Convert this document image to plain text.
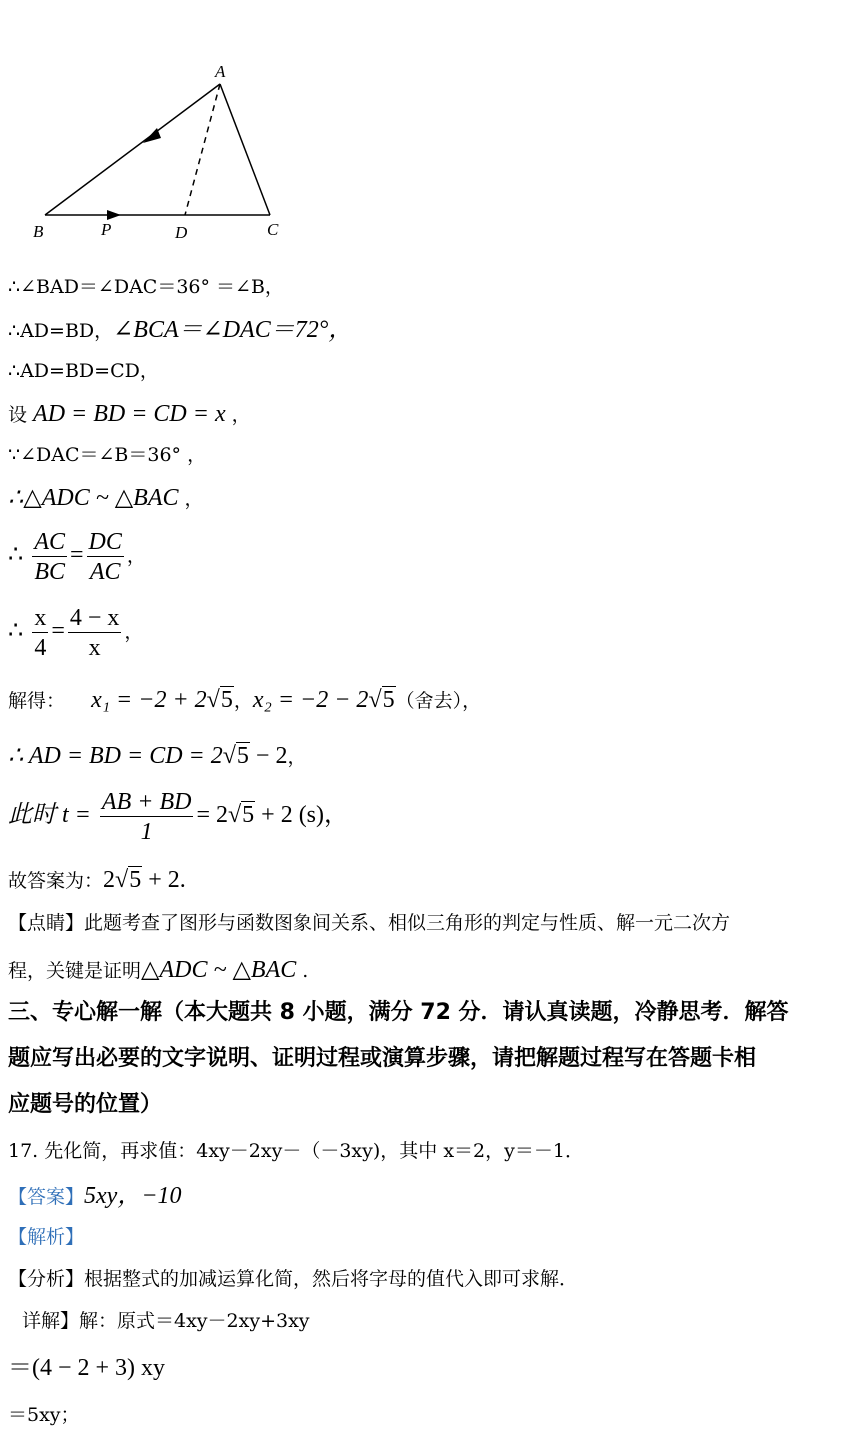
A
B	P	D	C
∴∠BAD＝∠DAC＝36° ＝∠B，
∴AD=BD，∠BCA＝∠DAC＝72°，
∴AD=BD=CD，
设 AD = BD = CD = x ，
∵∠DAC＝∠B＝36° ，
∴△ADC ~ △BAC ，
∴ $\frac{AC}{BC} = \frac{DC}{AC}$ ，
∴ $\frac{x}{4} = \frac{4 - x}{x}$ ，
解得： x₁ = −2 + 2√5，x₂ = −2 − 2√5（舍去），
∴ AD = BD = CD = 2√5 − 2，
此时 $t = \frac{AB + BD}{1} = 2√5 + 2$ (s)，
故答案为：2√5 + 2.
【点睛】此题考查了图形与函数图象间关系、相似三角形的判定与性质、解一元二次方
程，关键是证明△ADC ~ △BAC .
三、专心解一解（本大题共 8 小题，满分 72 分．请认真读题，冷静思考．解答
题应写出必要的文字说明、证明过程或演算步骤，请把解题过程写在答题卡相
应题号的位置）
17. 先化简，再求值：4xy－2xy－（－3xy)，其中 x＝2，y＝－1．
【答案】5xy，−10
【解析】
【分析】根据整式的加减运算化简，然后将字母的值代入即可求解．
详解】解：原式＝4xy－2xy+3xy
＝(4 − 2 + 3) xy
＝5xy；
